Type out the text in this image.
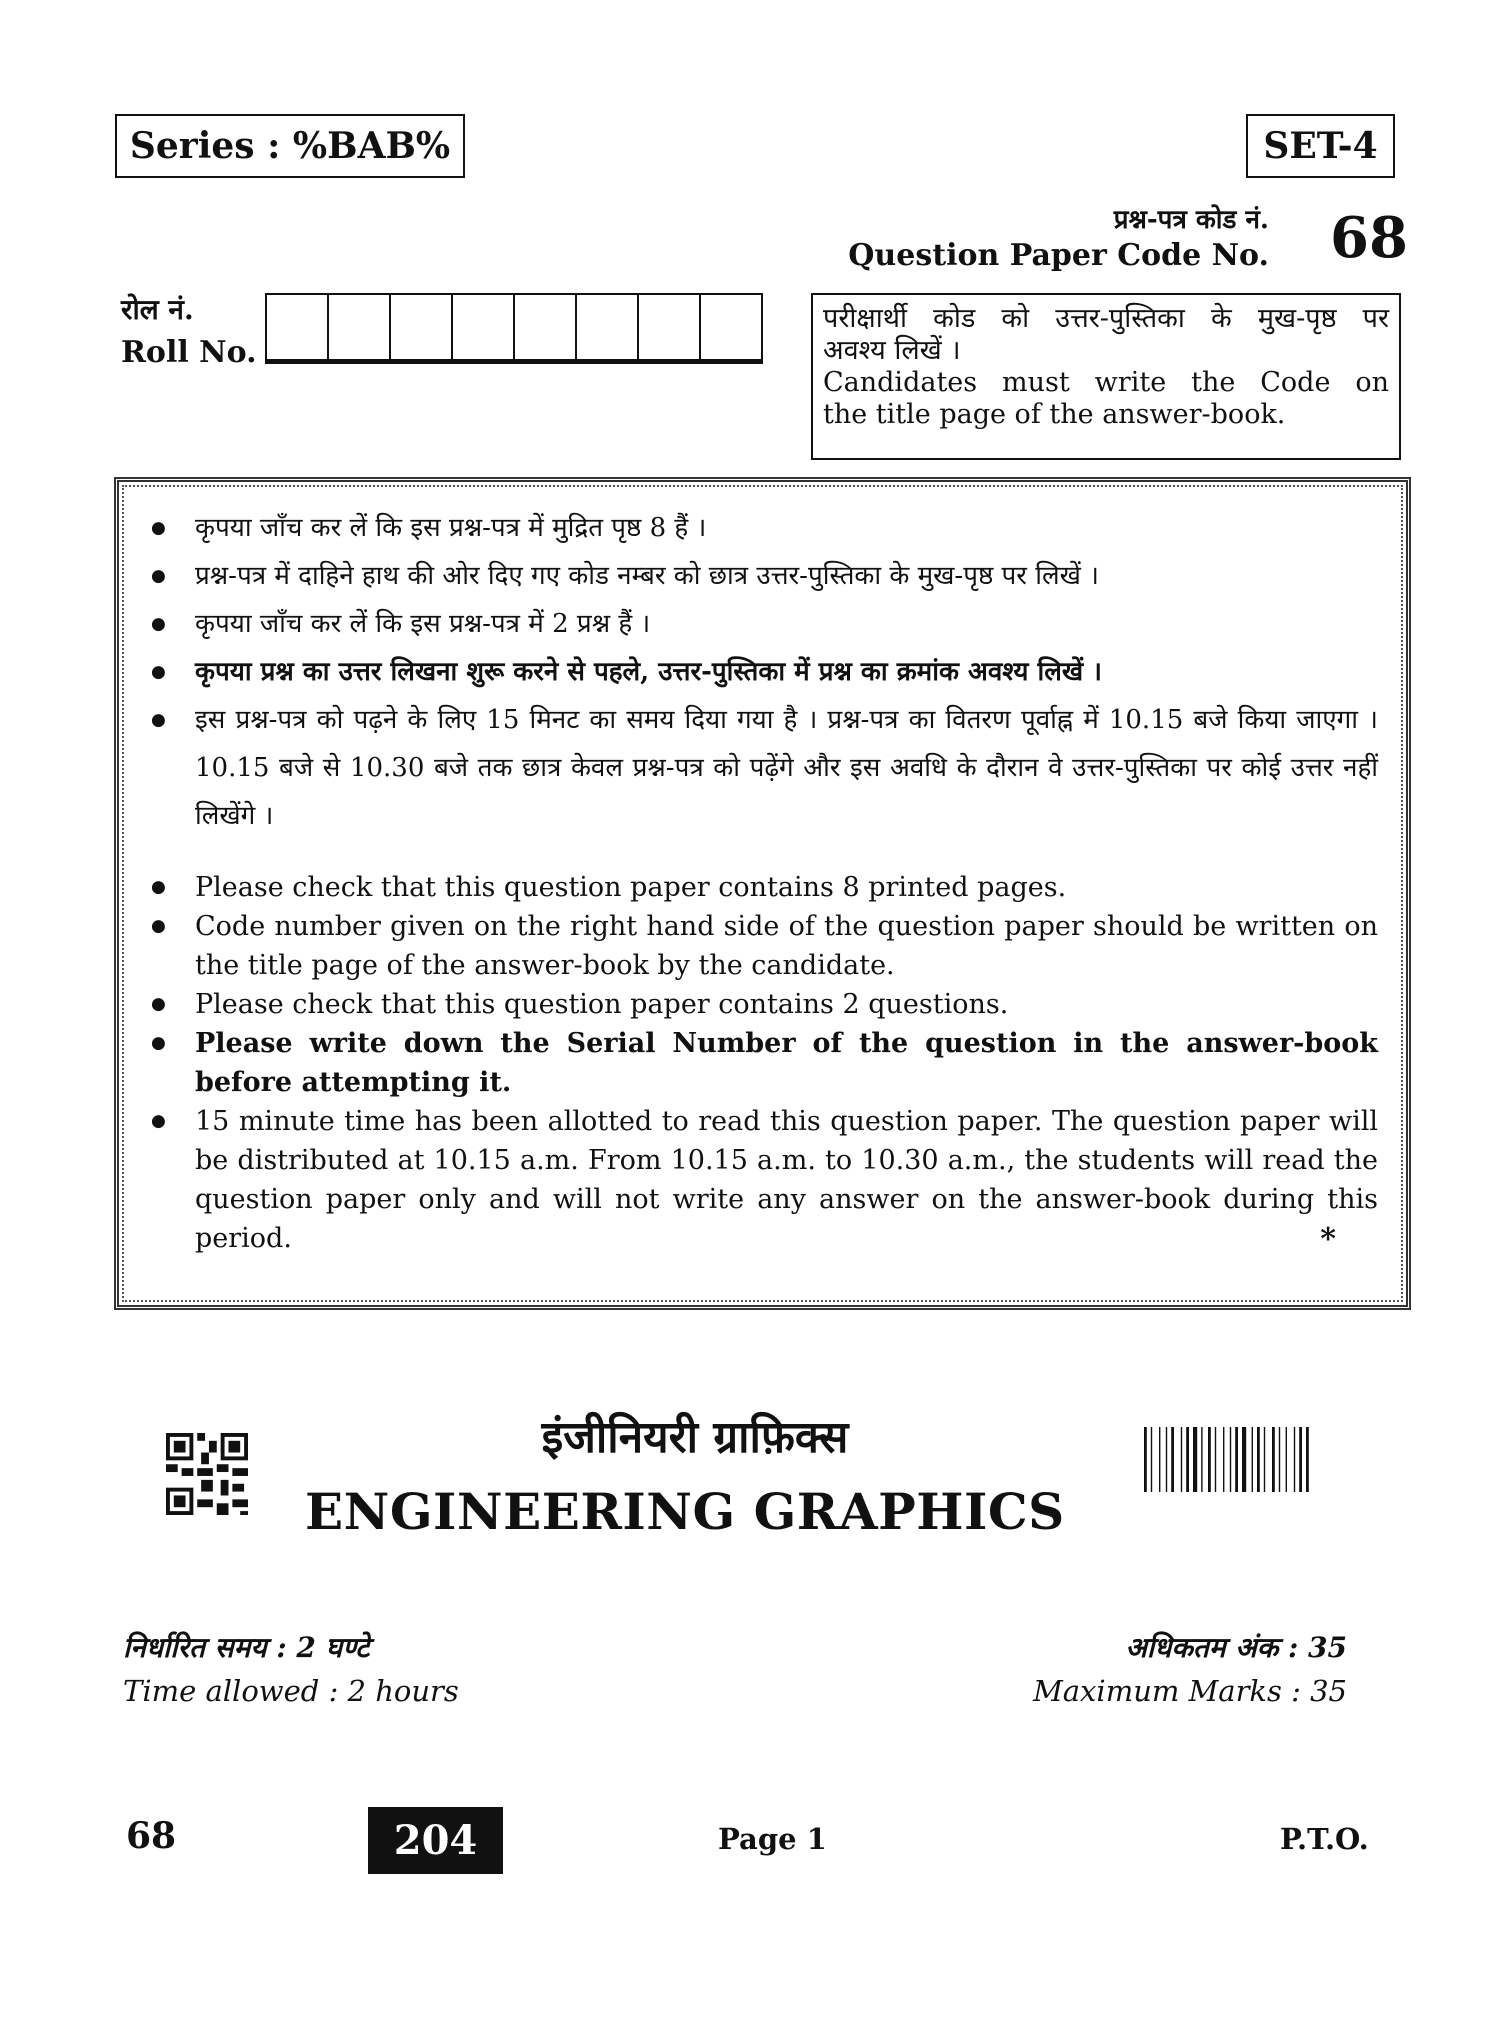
Series : %BAB%	SET-4
प्रश्न-पत्र कोड नं.
Question Paper Code No. 68
रोल नं.
Roll No.
परीक्षार्थी कोड को उत्तर-पुस्तिका के मुख-पृष्ठ पर
अवश्य लिखें ।
Candidates must write the Code on
the title page of the answer-book.
● कृपया जाँच कर लें कि इस प्रश्न-पत्र में मुद्रित पृष्ठ 8 हैं ।
● प्रश्न-पत्र में दाहिने हाथ की ओर दिए गए कोड नम्बर को छात्र उत्तर-पुस्तिका के मुख-पृष्ठ पर लिखें ।
● कृपया जाँच कर लें कि इस प्रश्न-पत्र में 2 प्रश्न हैं ।
● कृपया प्रश्न का उत्तर लिखना शुरू करने से पहले, उत्तर-पुस्तिका में प्रश्न का क्रमांक अवश्य लिखें ।
● इस प्रश्न-पत्र को पढ़ने के लिए 15 मिनट का समय दिया गया है । प्रश्न-पत्र का वितरण पूर्वाह्न में 10.15 बजे किया जाएगा । 10.15 बजे से 10.30 बजे तक छात्र केवल प्रश्न-पत्र को पढ़ेंगे और इस अवधि के दौरान वे उत्तर-पुस्तिका पर कोई उत्तर नहीं लिखेंगे ।
● Please check that this question paper contains 8 printed pages.
● Code number given on the right hand side of the question paper should be written on the title page of the answer-book by the candidate.
● Please check that this question paper contains 2 questions.
● Please write down the Serial Number of the question in the answer-book before attempting it.
● 15 minute time has been allotted to read this question paper. The question paper will be distributed at 10.15 a.m. From 10.15 a.m. to 10.30 a.m., the students will read the question paper only and will not write any answer on the answer-book during this period.	*
इंजीनियरी ग्राफ़िक्स
ENGINEERING GRAPHICS
निर्धारित समय : 2 घण्टे
Time allowed : 2 hours
अधिकतम अंक : 35
Maximum Marks : 35
68	204	Page 1	P.T.O.
